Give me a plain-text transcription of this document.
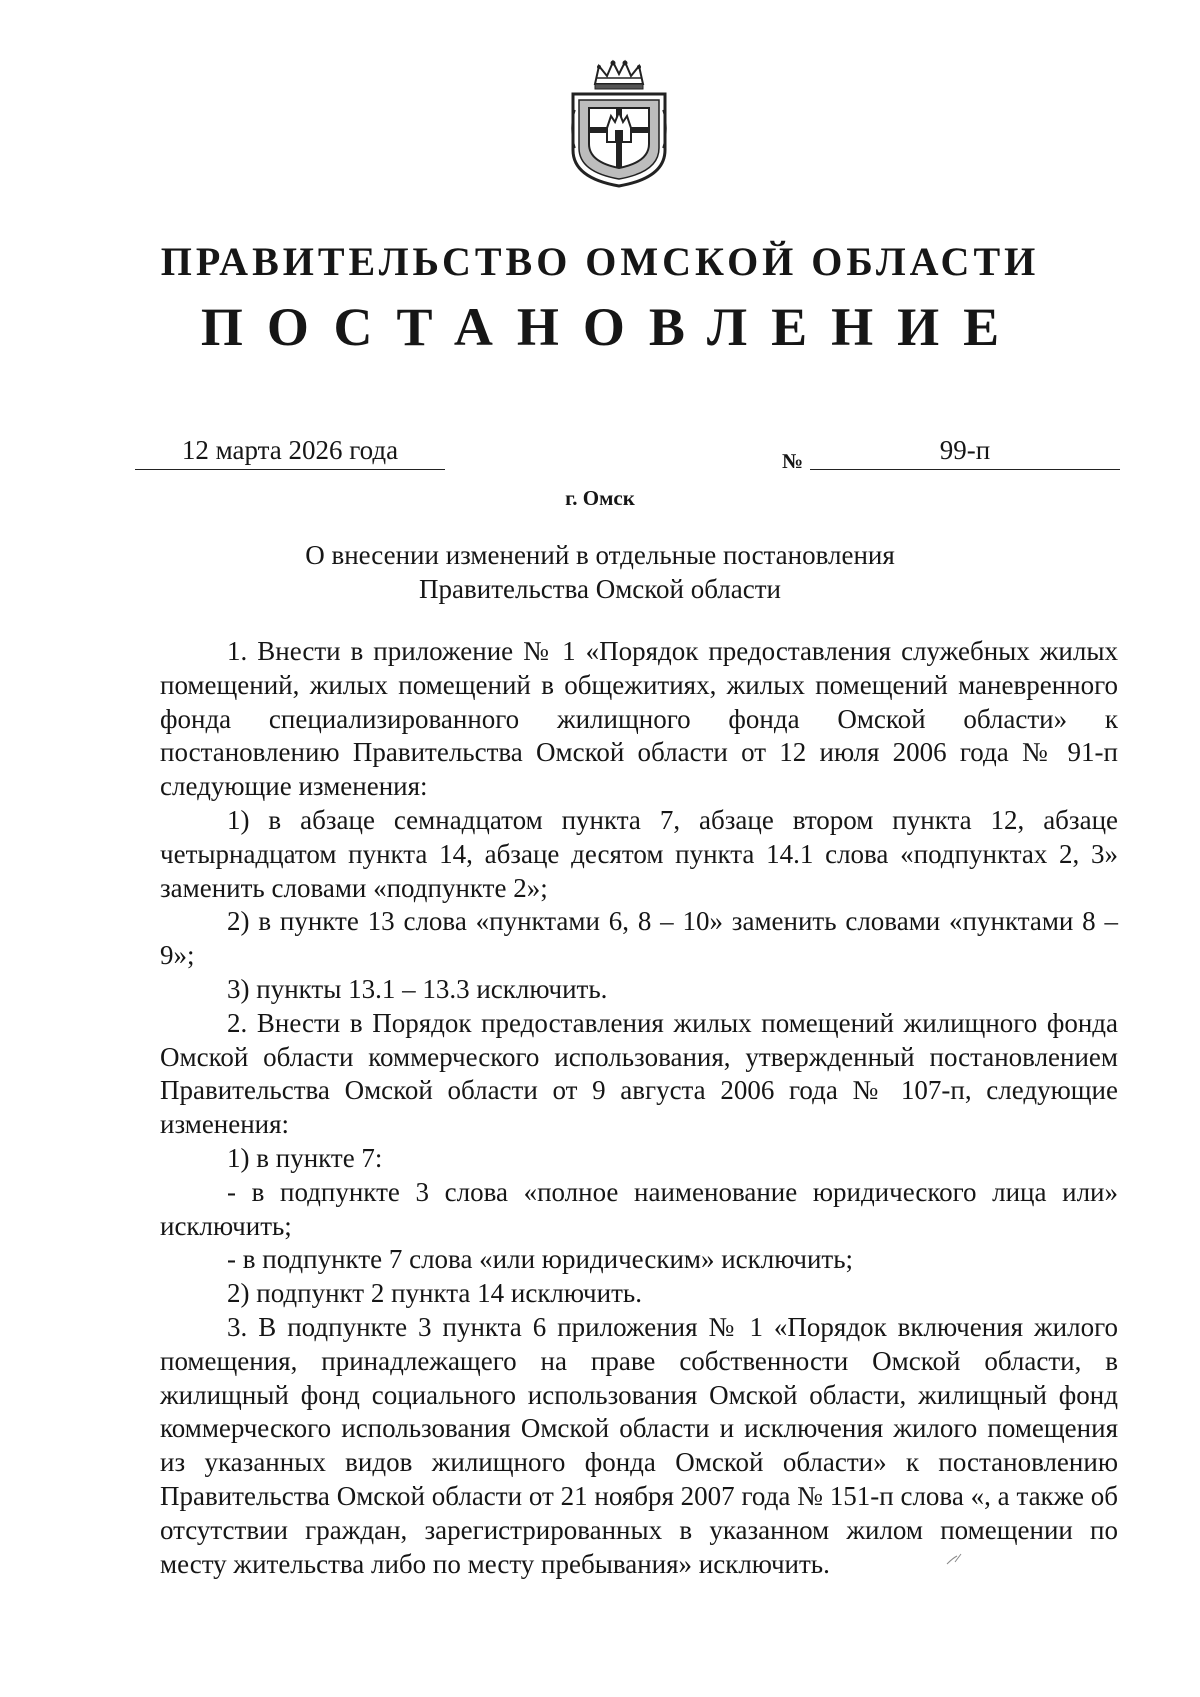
ПРАВИТЕЛЬСТВО ОМСКОЙ ОБЛАСТИ
ПОСТАНОВЛЕНИЕ
12 марта 2026 года	№	99-п
г. Омск
О внесении изменений в отдельные постановления
Правительства Омской области

1. Внести в приложение № 1 «Порядок предоставления служебных жилых помещений, жилых помещений в общежитиях, жилых помещений маневренного фонда специализированного жилищного фонда Омской области» к постановлению Правительства Омской области от 12 июля 2006 года № 91-п следующие изменения:

1) в абзаце семнадцатом пункта 7, абзаце втором пункта 12, абзаце четырнадцатом пункта 14, абзаце десятом пункта 14.1 слова «подпунктах 2, 3» заменить словами «подпункте 2»;

2) в пункте 13 слова «пунктами 6, 8 – 10» заменить словами «пунктами 8 – 9»;

3) пункты 13.1 – 13.3 исключить.

2. Внести в Порядок предоставления жилых помещений жилищного фонда Омской области коммерческого использования, утвержденный постановлением Правительства Омской области от 9 августа 2006 года № 107-п, следующие изменения:

1) в пункте 7:

- в подпункте 3 слова «полное наименование юридического лица или» исключить;

- в подпункте 7 слова «или юридическим» исключить;

2) подпункт 2 пункта 14 исключить.

3. В подпункте 3 пункта 6 приложения № 1 «Порядок включения жилого помещения, принадлежащего на праве собственности Омской области, в жилищный фонд социального использования Омской области, жилищный фонд коммерческого использования Омской области и исключения жилого помещения из указанных видов жилищного фонда Омской области» к постановлению Правительства Омской области от 21 ноября 2007 года № 151-п слова «, а также об отсутствии граждан, зарегистрированных в указанном жилом помещении по месту жительства либо по месту пребывания» исключить.
